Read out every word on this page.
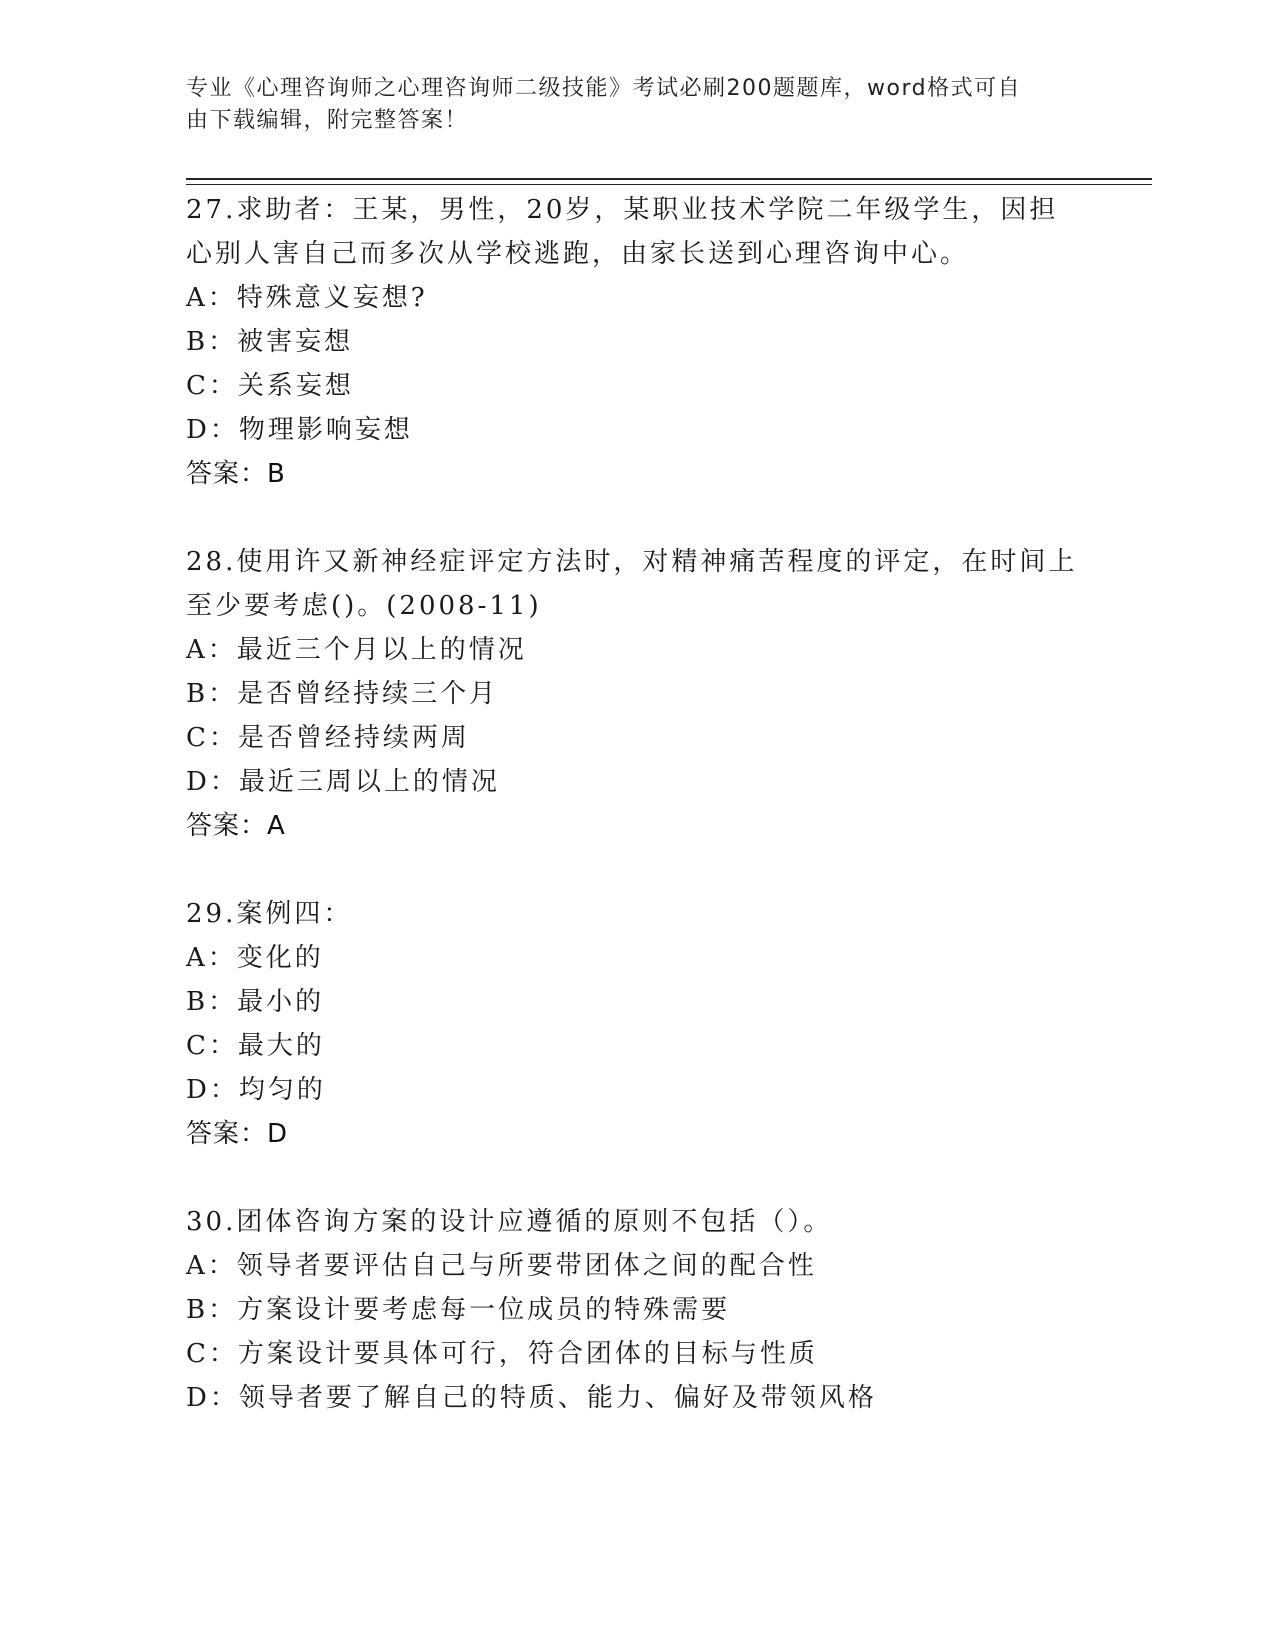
专业《心理咨询师之心理咨询师二级技能》考试必刷200题题库，word格式可自
由下载编辑，附完整答案！

27.求助者：王某，男性，20岁，某职业技术学院二年级学生，因担心别人害自己而多次从学校逃跑，由家长送到心理咨询中心。

A：特殊意义妄想?

B：被害妄想

C：关系妄想

D：物理影响妄想

答案：B

28.使用许又新神经症评定方法时，对精神痛苦程度的评定，在时间上至少要考虑()。(2008-11)

A：最近三个月以上的情况

B：是否曾经持续三个月

C：是否曾经持续两周

D：最近三周以上的情况

答案：A

29.案例四：

A：变化的

B：最小的

C：最大的

D：均匀的

答案：D

30.团体咨询方案的设计应遵循的原则不包括（）。

A：领导者要评估自己与所要带团体之间的配合性

B：方案设计要考虑每一位成员的特殊需要

C：方案设计要具体可行，符合团体的目标与性质

D：领导者要了解自己的特质、能力、偏好及带领风格
